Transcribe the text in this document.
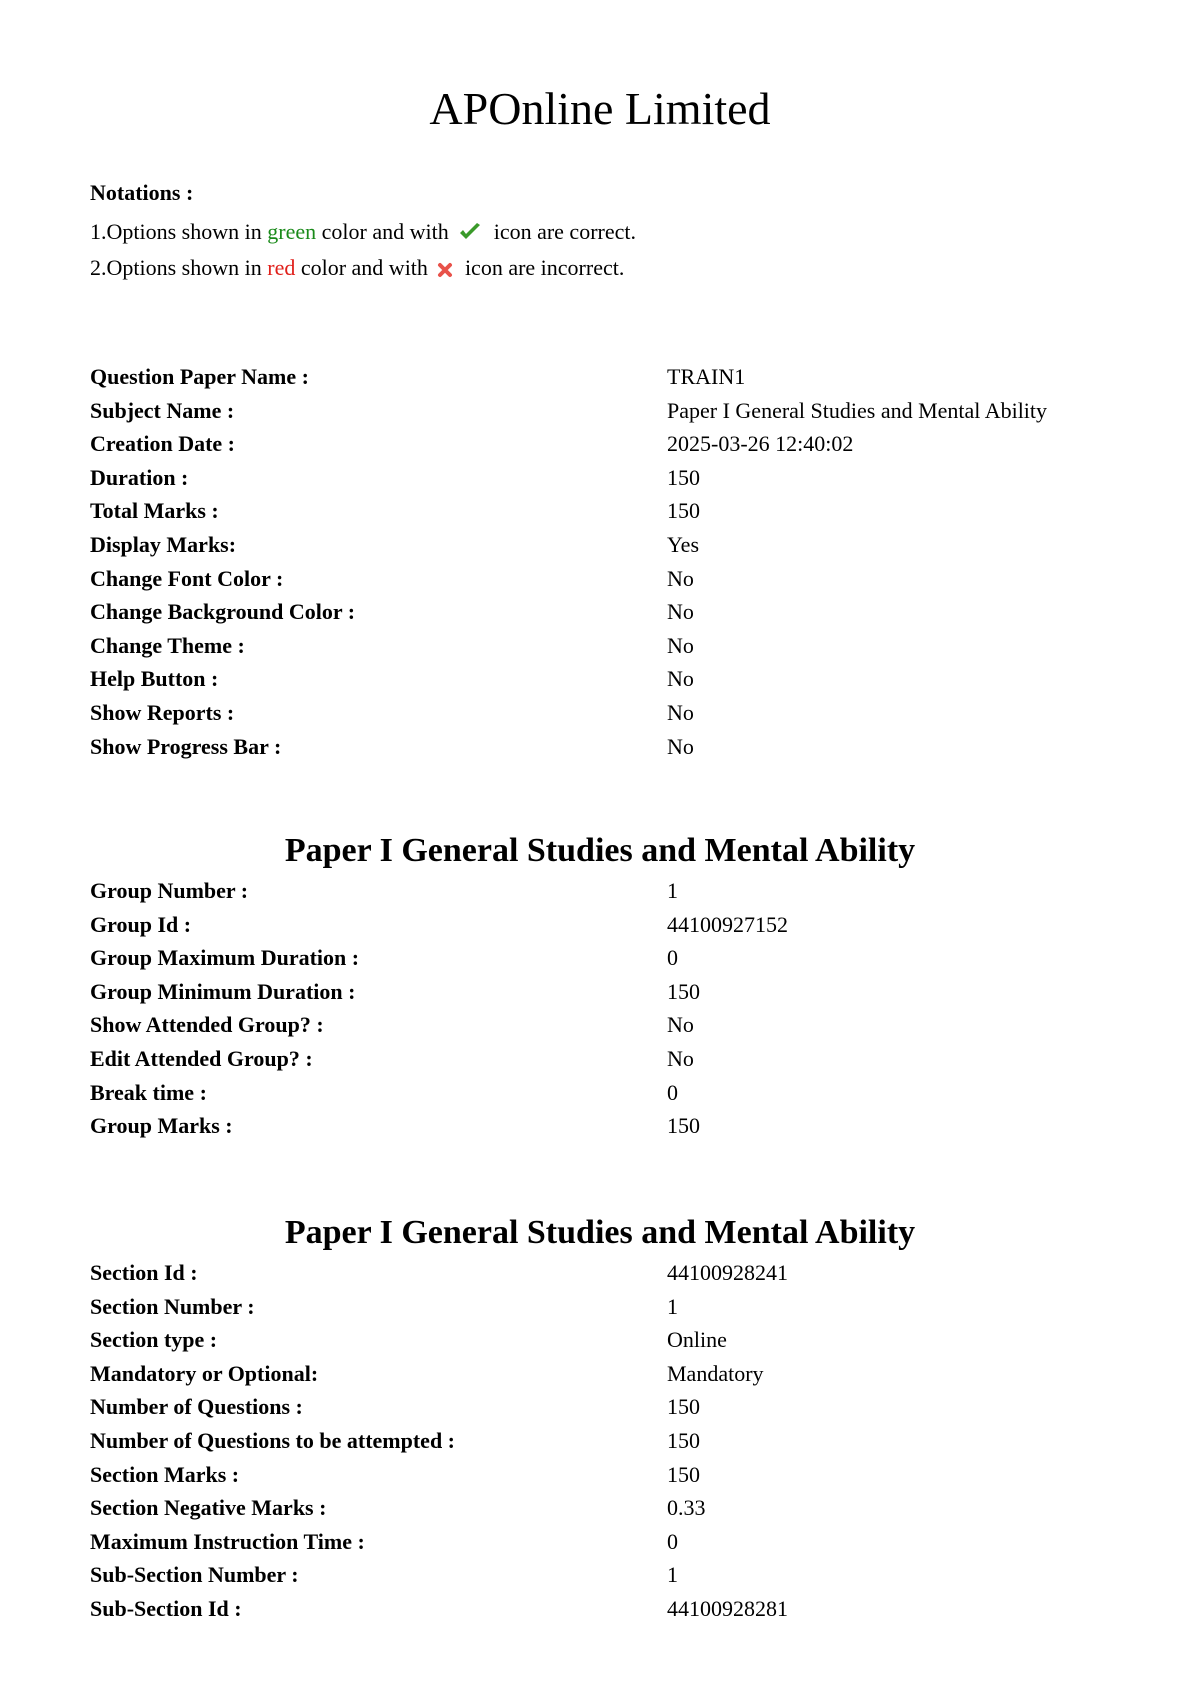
APOnline Limited
Notations :
1.Options shown in green color and with  icon are correct.
2.Options shown in red color and with  icon are incorrect.
Question Paper Name :	TRAIN1
Subject Name :	Paper I General Studies and Mental Ability
Creation Date :	2025-03-26 12:40:02
Duration :	150
Total Marks :	150
Display Marks:	Yes
Change Font Color :	No
Change Background Color :	No
Change Theme :	No
Help Button :	No
Show Reports :	No
Show Progress Bar :	No
Paper I General Studies and Mental Ability
Group Number :	1
Group Id :	44100927152
Group Maximum Duration :	0
Group Minimum Duration :	150
Show Attended Group? :	No
Edit Attended Group? :	No
Break time :	0
Group Marks :	150
Paper I General Studies and Mental Ability
Section Id :	44100928241
Section Number :	1
Section type :	Online
Mandatory or Optional:	Mandatory
Number of Questions :	150
Number of Questions to be attempted :	150
Section Marks :	150
Section Negative Marks :	0.33
Maximum Instruction Time :	0
Sub-Section Number :	1
Sub-Section Id :	44100928281
